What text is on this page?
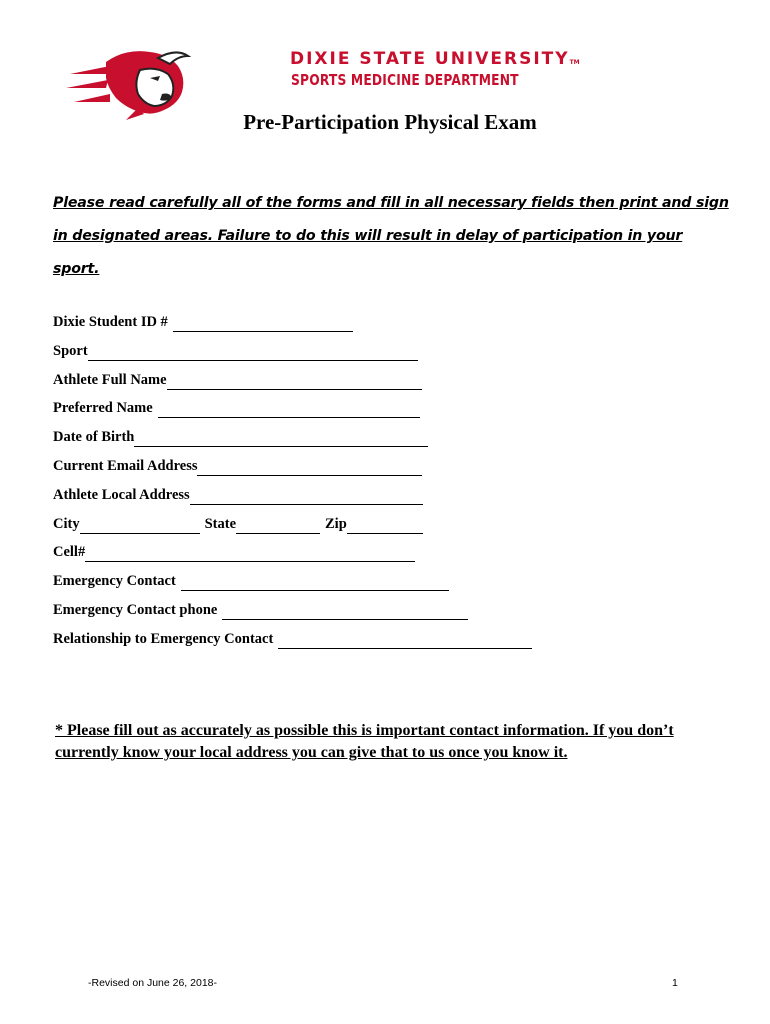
DIXIE STATE UNIVERSITYTM
SPORTS MEDICINE DEPARTMENT
Pre-Participation Physical Exam

Please read carefully all of the forms and fill in all necessary fields then print and sign in designated areas. Failure to do this will result in delay of participation in your sport.

Dixie Student ID #
Sport
Athlete Full Name
Preferred Name
Date of Birth
Current Email Address
Athlete Local Address
City	State	Zip
Cell#
Emergency Contact
Emergency Contact phone
Relationship to Emergency Contact

* Please fill out as accurately as possible this is important contact information. If you don’t currently know your local address you can give that to us once you know it.

-Revised on June 26, 2018-	1
